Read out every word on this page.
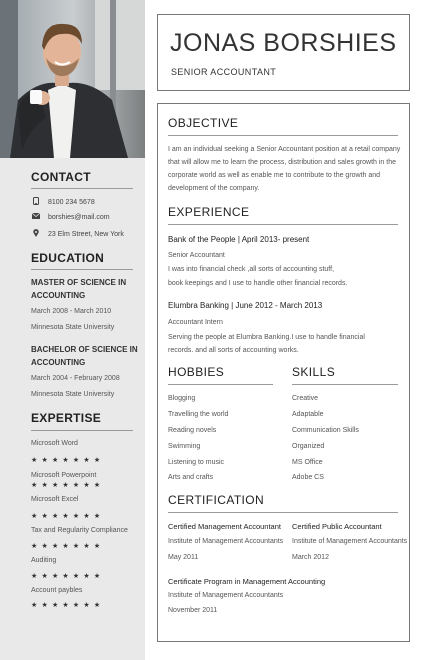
CONTACT
8100 234 5678
borshies@mail.com
23 Elm Street, New York
EDUCATION
MASTER OF SCIENCE IN ACCOUNTING
March 2008 - March 2010
Minnesota State University
BACHELOR OF SCIENCE IN ACCOUNTING
March 2004 - February 2008
Minnesota State University
EXPERTISE
Microsoft Word
★★★★★★★
Microsoft Powerpoint
★★★★★★★
Microsoft Excel
★★★★★★★
Tax and Regularity Compliance
★★★★★★★
Auditing
★★★★★★★
Account paybles
★★★★★★★
JONAS BORSHIES
SENIOR ACCOUNTANT
OBJECTIVE
I am an individual seeking a Senior Accountant position at a retail company that will allow me to learn the process, distribution and sales growth in the corporate world as well as enable me to contribute to the growth and development of the company.
EXPERIENCE
Bank of the People | April 2013- present
Senior Accountant
I was into financial check ,all sorts of accounting stuff,
book keepings and I use to handle other financial records.
Elumbra Banking | June 2012 - March 2013
Accountant Intern
Serving the people at Elumbra Banking.I use to handle financial
records. and all sorts of accounting works.
HOBBIES
Blogging
Travelling the world
Reading novels
Swimming
Listening to music
Arts and crafts
SKILLS
Creative
Adaptable
Communication Skills
Organized
MS Office
Adobe CS
CERTIFICATION
Certified Management Accountant
Institute of Management Accountants
May 2011
Certified Public Accountant
Institute of Management Accountants
March 2012
Certificate Program in Management Accounting
Institute of Management Accountants
November 2011
